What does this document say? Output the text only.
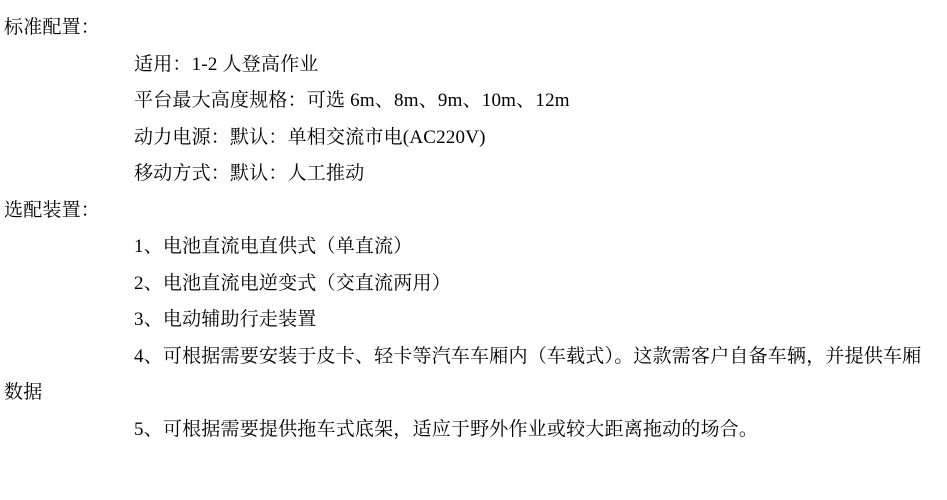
标准配置：
适用：1-2 人登高作业
平台最大高度规格：可选 6m、8m、9m、10m、12m
动力电源：默认：单相交流市电(AC220V)
移动方式：默认：人工推动
选配装置：
1、电池直流电直供式（单直流）
2、电池直流电逆变式（交直流两用）
3、电动辅助行走装置
4、可根据需要安装于皮卡、轻卡等汽车车厢内（车载式）。这款需客户自备车辆，并提供车厢数据
5、可根据需要提供拖车式底架，适应于野外作业或较大距离拖动的场合。
